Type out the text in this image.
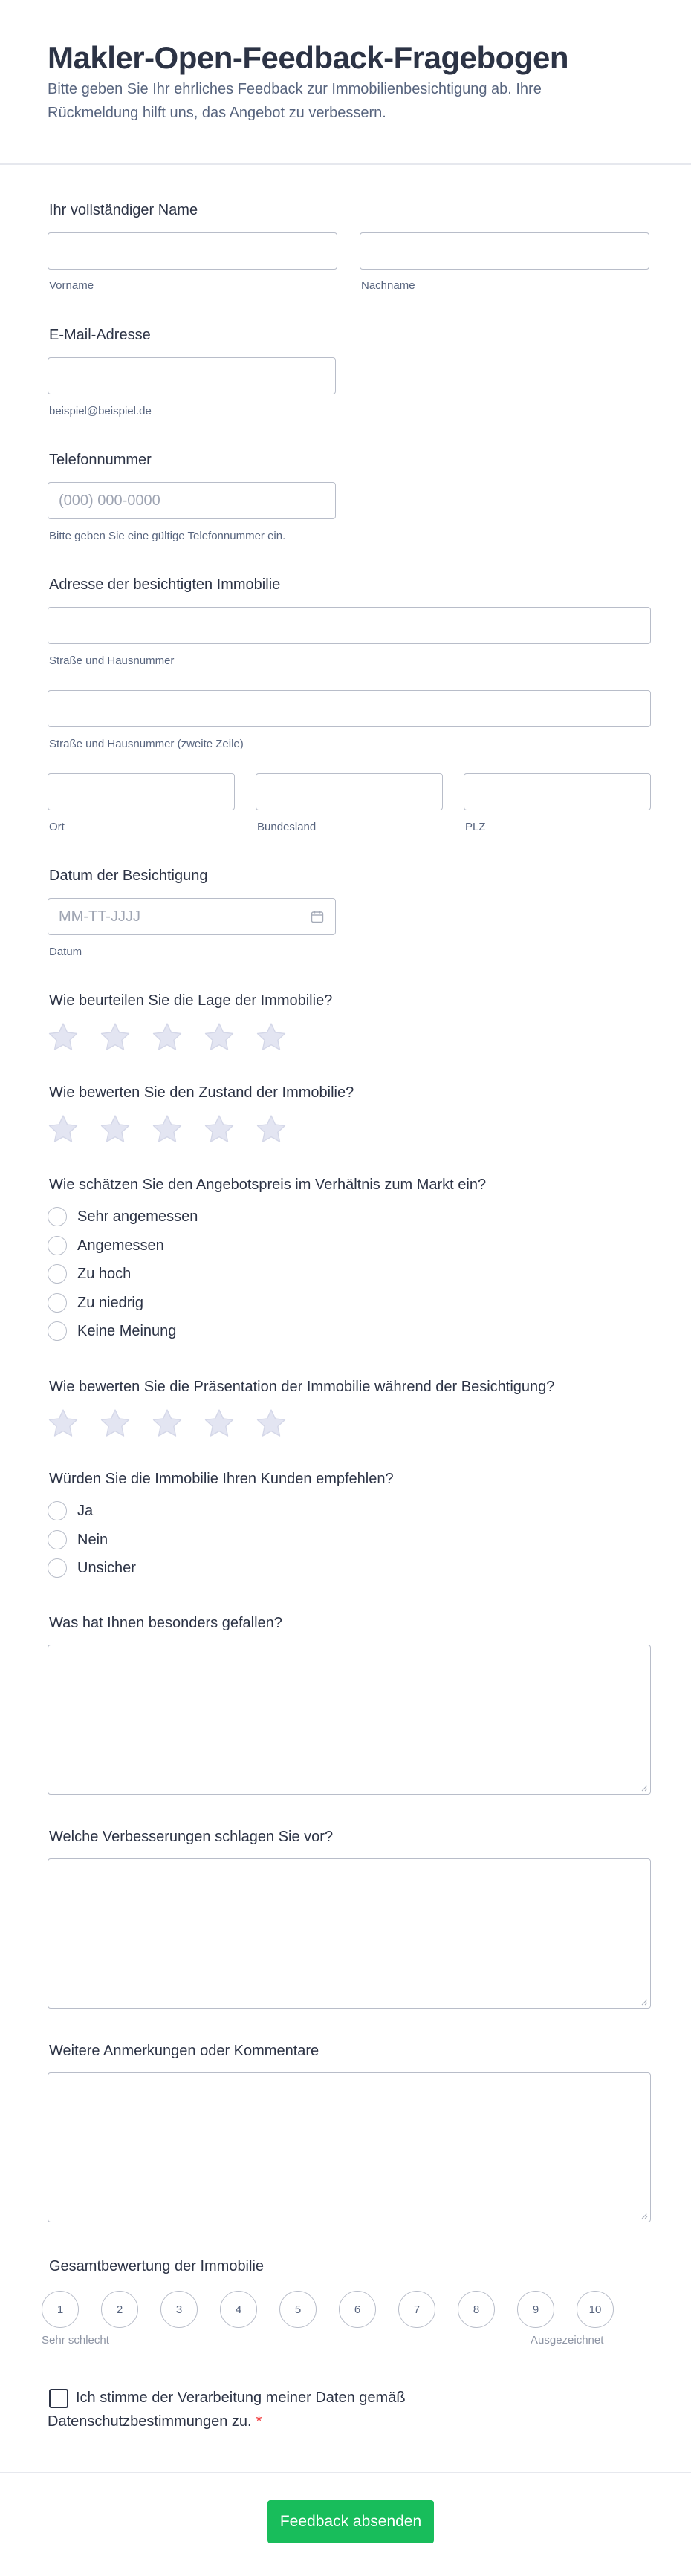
Makler-Open-Feedback-Fragebogen

Bitte geben Sie Ihr ehrliches Feedback zur Immobilienbesichtigung ab. Ihre Rückmeldung hilft uns, das Angebot zu verbessern.

Ihr vollständiger Name
Vorname	Nachname
E-Mail-Adresse
beispiel@beispiel.de
Telefonnummer
(000) 000-0000
Bitte geben Sie eine gültige Telefonnummer ein.
Adresse der besichtigten Immobilie
Straße und Hausnummer
Straße und Hausnummer (zweite Zeile)
Ort	Bundesland	PLZ
Datum der Besichtigung
MM-TT-JJJJ
Datum
Wie beurteilen Sie die Lage der Immobilie?
Wie bewerten Sie den Zustand der Immobilie?
Wie schätzen Sie den Angebotspreis im Verhältnis zum Markt ein?
Sehr angemessen
Angemessen
Zu hoch
Zu niedrig
Keine Meinung
Wie bewerten Sie die Präsentation der Immobilie während der Besichtigung?
Würden Sie die Immobilie Ihren Kunden empfehlen?
Ja
Nein
Unsicher
Was hat Ihnen besonders gefallen?
Welche Verbesserungen schlagen Sie vor?
Weitere Anmerkungen oder Kommentare
Gesamtbewertung der Immobilie
1	2	3	4	5	6	7	8	9	10
Sehr schlecht	Ausgezeichnet
Ich stimme der Verarbeitung meiner Daten gemäß Datenschutzbestimmungen zu. *
Feedback absenden
